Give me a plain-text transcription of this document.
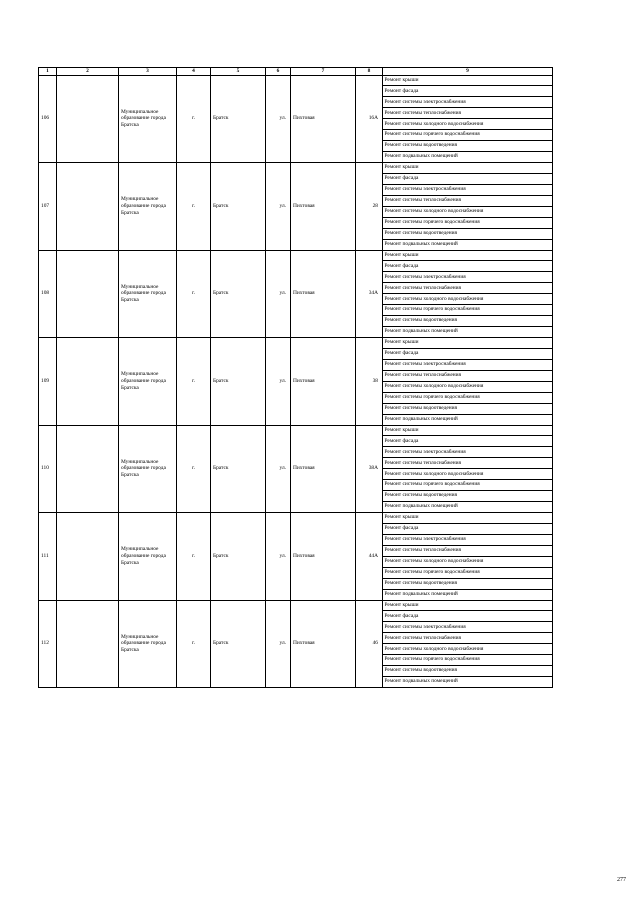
1	2	3	4	5	6	7	8	9
106		Муниципальное образование города Братска	г.	Братск	ул.	Пихтовая	16А	Ремонт крыши
								Ремонт фасада
								Ремонт системы электроснабжения
								Ремонт системы теплоснабжения
								Ремонт системы холодного водоснабжения
								Ремонт системы горячего водоснабжения
								Ремонт системы водоотведения
								Ремонт подвальных помещений
107		Муниципальное образование города Братска	г.	Братск	ул.	Пихтовая	28	Ремонт крыши
								Ремонт фасада
								Ремонт системы электроснабжения
								Ремонт системы теплоснабжения
								Ремонт системы холодного водоснабжения
								Ремонт системы горячего водоснабжения
								Ремонт системы водоотведения
								Ремонт подвальных помещений
108		Муниципальное образование города Братска	г.	Братск	ул.	Пихтовая	34А	Ремонт крыши
								Ремонт фасада
								Ремонт системы электроснабжения
								Ремонт системы теплоснабжения
								Ремонт системы холодного водоснабжения
								Ремонт системы горячего водоснабжения
								Ремонт системы водоотведения
								Ремонт подвальных помещений
109		Муниципальное образование города Братска	г.	Братск	ул.	Пихтовая	38	Ремонт крыши
								Ремонт фасада
								Ремонт системы электроснабжения
								Ремонт системы теплоснабжения
								Ремонт системы холодного водоснабжения
								Ремонт системы горячего водоснабжения
								Ремонт системы водоотведения
								Ремонт подвальных помещений
110		Муниципальное образование города Братска	г.	Братск	ул.	Пихтовая	38А	Ремонт крыши
								Ремонт фасада
								Ремонт системы электроснабжения
								Ремонт системы теплоснабжения
								Ремонт системы холодного водоснабжения
								Ремонт системы горячего водоснабжения
								Ремонт системы водоотведения
								Ремонт подвальных помещений
111		Муниципальное образование города Братска	г.	Братск	ул.	Пихтовая	44А	Ремонт крыши
								Ремонт фасада
								Ремонт системы электроснабжения
								Ремонт системы теплоснабжения
								Ремонт системы холодного водоснабжения
								Ремонт системы горячего водоснабжения
								Ремонт системы водоотведения
								Ремонт подвальных помещений
112		Муниципальное образование города Братска	г.	Братск	ул.	Пихтовая	46	Ремонт крыши
								Ремонт фасада
								Ремонт системы электроснабжения
								Ремонт системы теплоснабжения
								Ремонт системы холодного водоснабжения
								Ремонт системы горячего водоснабжения
								Ремонт системы водоотведения
								Ремонт подвальных помещений
277
